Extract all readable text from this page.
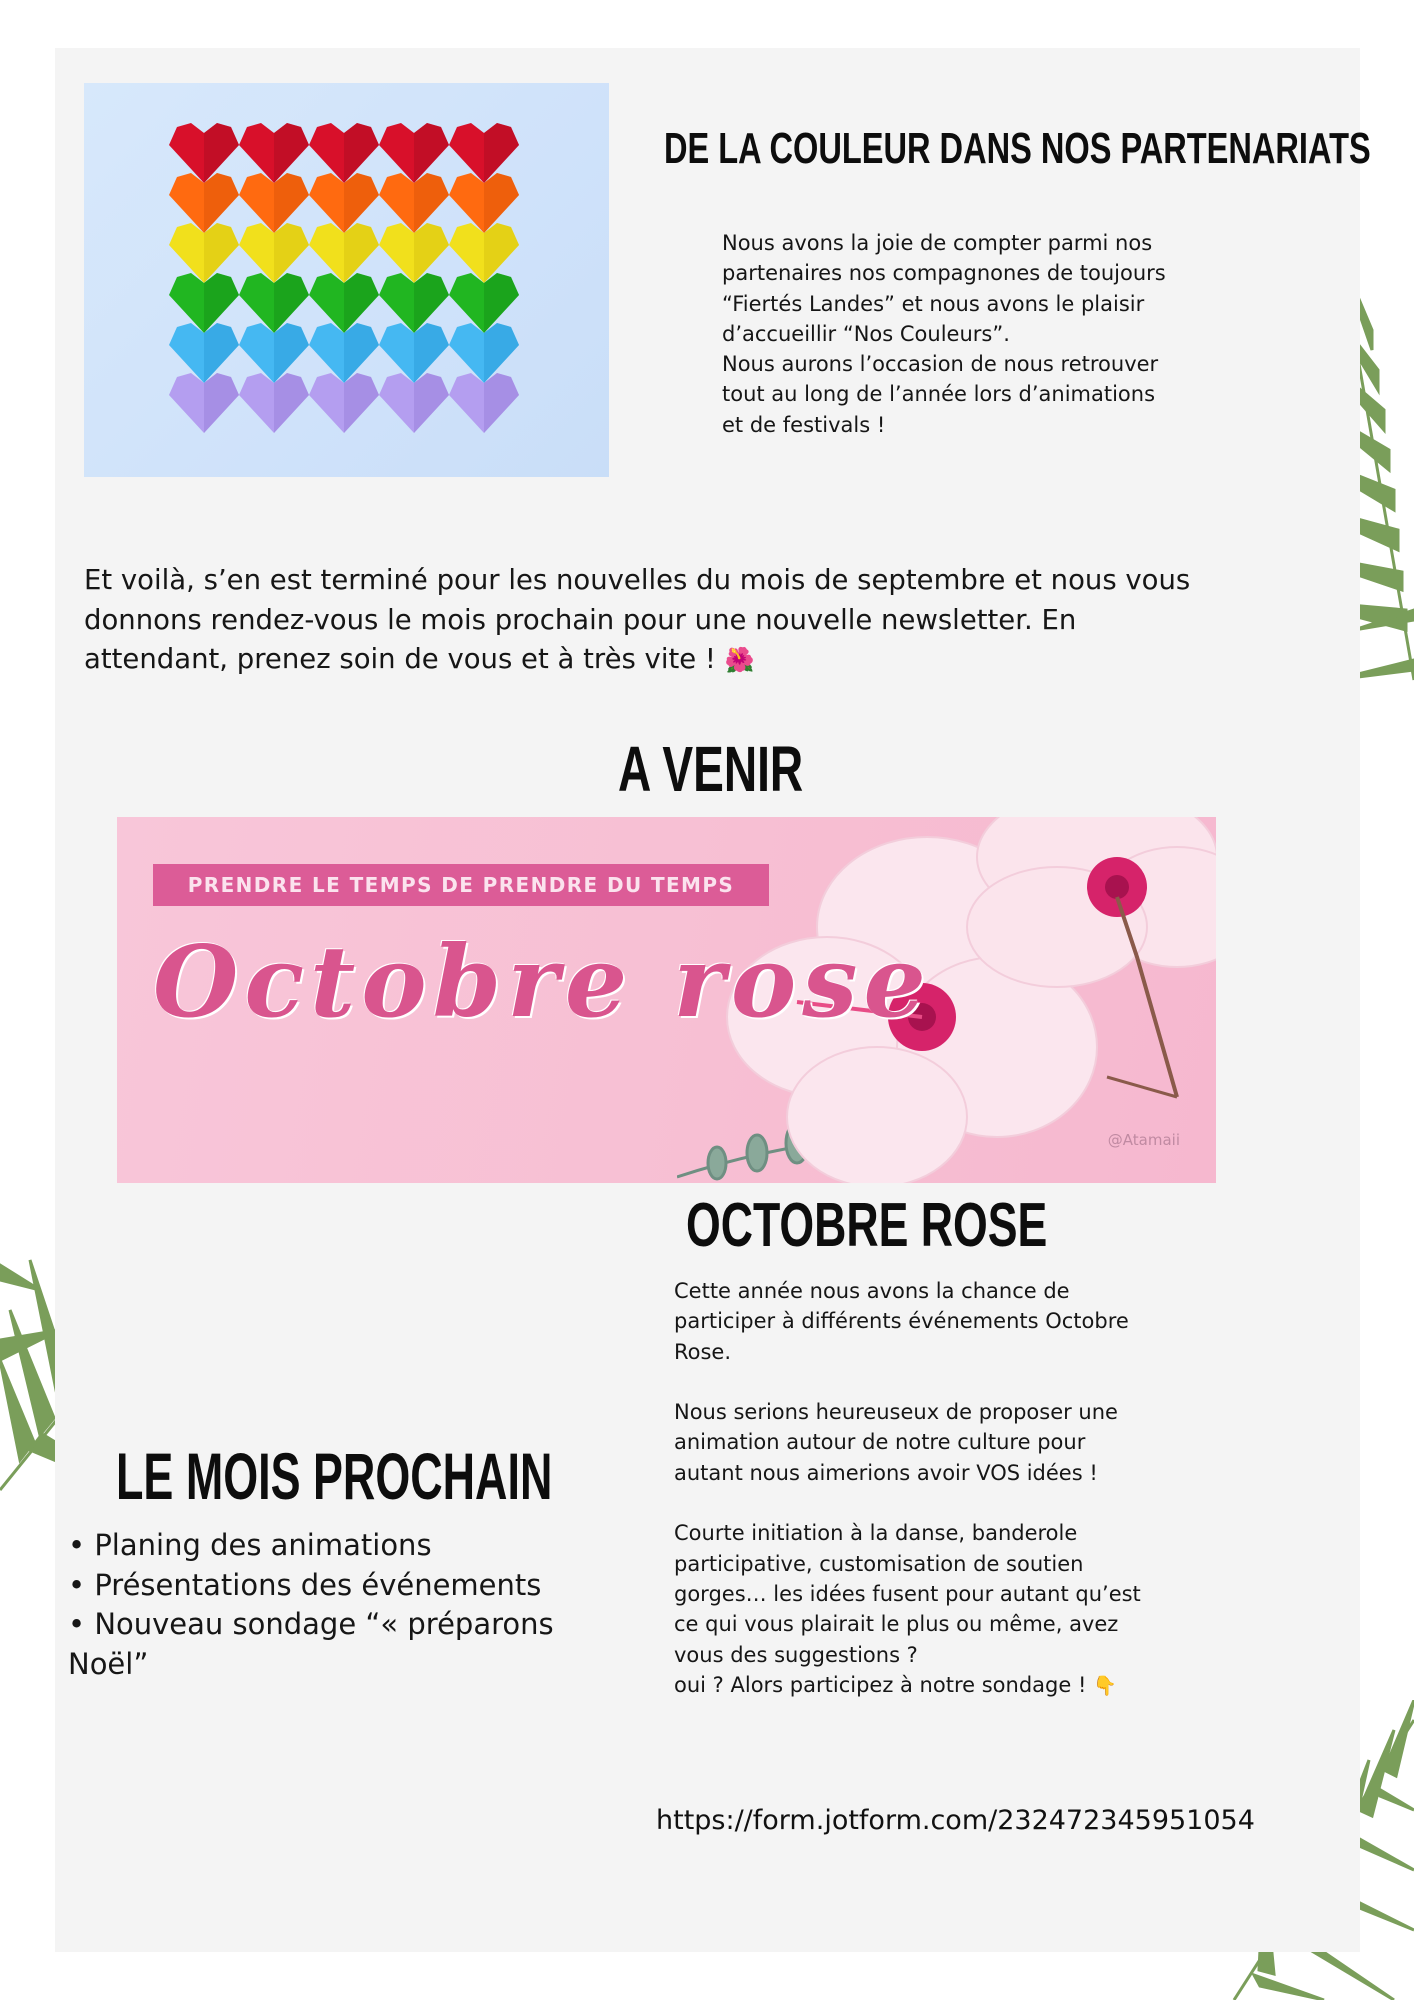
DE LA COULEUR DANS NOS PARTENARIATS
Nous avons la joie de compter parmi nos
partenaires nos compagnones de toujours
“Fiertés Landes” et nous avons le plaisir
d’accueillir “Nos Couleurs”.
Nous aurons l’occasion de nous retrouver
tout au long de l’année lors d’animations
et de festivals !
Et voilà, s’en est terminé pour les nouvelles du mois de septembre et nous vous
donnons rendez-vous le mois prochain pour une nouvelle newsletter. En
attendant, prenez soin de vous et à très vite ! 🌺
A VENIR
PRENDRE LE TEMPS DE PRENDRE DU TEMPS
Octobre rose
@Atamaii
OCTOBRE ROSE
Cette année nous avons la chance de
participer à différents événements Octobre
Rose.

Nous serions heureuseux de proposer une
animation autour de notre culture pour
autant nous aimerions avoir VOS idées !

Courte initiation à la danse, banderole
participative, customisation de soutien
gorges… les idées fusent pour autant qu’est
ce qui vous plairait le plus ou même, avez
vous des suggestions ?
oui ? Alors participez à notre sondage ! 👇
LE MOIS PROCHAIN
• Planing des animations
• Présentations des événements
• Nouveau sondage “« préparons
Noël”
https://form.jotform.com/232472345951054
